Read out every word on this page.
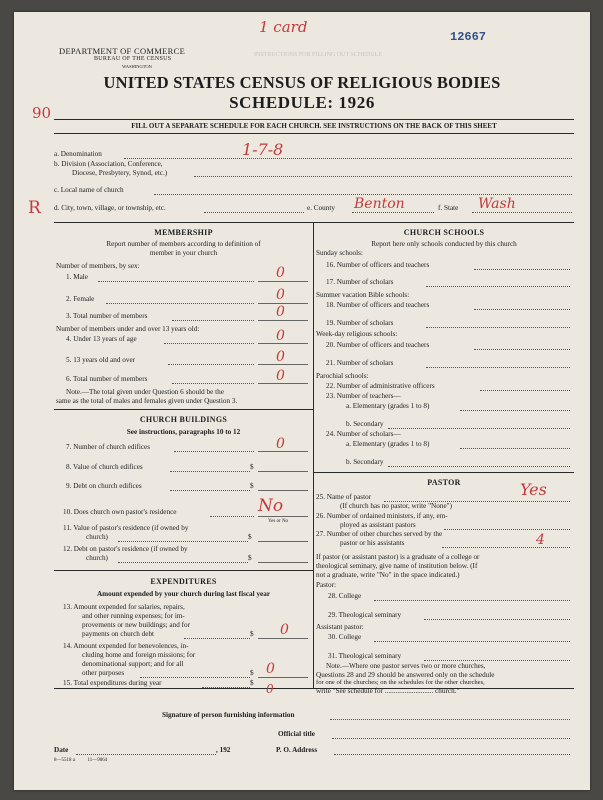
1 card
12667
90
R
DEPARTMENT OF COMMERCE
BUREAU OF THE CENSUS
WASHINGTON
INSTRUCTIONS FOR FILLING OUT SCHEDULE
UNITED STATES CENSUS OF RELIGIOUS BODIES
SCHEDULE: 1926
FILL OUT A SEPARATE SCHEDULE FOR EACH CHURCH. SEE INSTRUCTIONS ON THE BACK OF THIS SHEET
a. Denomination	1-7-8
b. Division (Association, Conference,
Diocese, Presbytery, Synod, etc.)
c. Local name of church
d. City, town, village, or township, etc.	e. County Benton	f. State Wash
MEMBERSHIP
Report number of members according to definition of
member in your church
Number of members, by sex:
1. Male	0
2. Female	0
3. Total number of members	0
Number of members under and over 13 years old:
4. Under 13 years of age	0
5. 13 years old and over	0
6. Total number of members	0
Note.—The total given under Question 6 should be the
same as the total of males and females given under Question 3.
CHURCH BUILDINGS
See instructions, paragraphs 10 to 12
7. Number of church edifices	0
8. Value of church edifices	$
9. Debt on church edifices	$
10. Does church own pastor's residence	No
Yes or No
11. Value of pastor's residence (if owned by
church)	$
12. Debt on pastor's residence (if owned by
church)	$
EXPENDITURES
Amount expended by your church during last fiscal year
13. Amount expended for salaries, repairs,
and other running expenses; for im-
provements or new buildings; and for
payments on church debt	$ 0
14. Amount expended for benevolences, in-
cluding home and foreign missions; for
denominational support; and for all
other purposes	$ 0
15. Total expenditures during year	$ 0
CHURCH SCHOOLS
Report here only schools conducted by this church
Sunday schools:
16. Number of officers and teachers
17. Number of scholars
Summer vacation Bible schools:
18. Number of officers and teachers
19. Number of scholars
Week-day religious schools:
20. Number of officers and teachers
21. Number of scholars
Parochial schools:
22. Number of administrative officers
23. Number of teachers—
a. Elementary (grades 1 to 8)
b. Secondary
24. Number of scholars—
a. Elementary (grades 1 to 8)
b. Secondary
PASTOR
25. Name of pastor	Yes
(If church has no pastor, write "None")
26. Number of ordained ministers, if any, em-
ployed as assistant pastors
27. Number of other churches served by the
pastor or his assistants	4
If pastor (or assistant pastor) is a graduate of a college or
theological seminary, give name of institution below. (If
not a graduate, write "No" in the space indicated.)
Pastor:
28. College
29. Theological seminary
Assistant pastor:
30. College
31. Theological seminary
Note.—Where one pastor serves two or more churches,
Questions 28 and 29 should be answered only on the schedule
for one of the churches; on the schedules for the other churches,
write "See schedule for ........................... church."
Signature of person furnishing information
Official title
Date	, 192	P. O. Address
8—5518 a          11—9064
